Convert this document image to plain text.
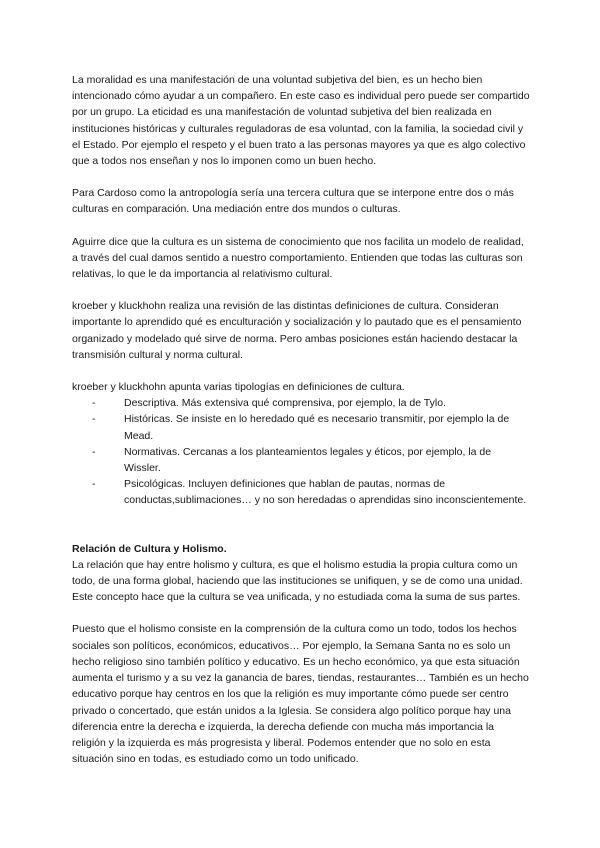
La moralidad es una manifestación de una voluntad subjetiva del bien, es un hecho bien intencionado cómo ayudar a un compañero. En este caso es individual pero puede ser compartido por un grupo. La eticidad es una manifestación de voluntad subjetiva del bien realizada en instituciones históricas y culturales reguladoras de esa voluntad, con la familia, la sociedad civil y el Estado. Por ejemplo el respeto y el buen trato a las personas mayores ya que es algo colectivo que a todos nos enseñan y nos lo imponen como un buen hecho.

Para Cardoso como la antropología sería una tercera cultura que se interpone entre dos o más culturas en comparación. Una mediación entre dos mundos o culturas.

Aguirre dice que la cultura es un sistema de conocimiento que nos facilita un modelo de realidad, a través del cual damos sentido a nuestro comportamiento. Entienden que todas las culturas son relativas, lo que le da importancia al relativismo cultural.

kroeber y kluckhohn realiza una revisión de las distintas definiciones de cultura. Consideran importante lo aprendido qué es enculturación y socialización y lo pautado que es el pensamiento organizado y modelado qué sirve de norma. Pero ambas posiciones están haciendo destacar la transmisión cultural y norma cultural.

kroeber y kluckhohn apunta varias tipologías en definiciones de cultura.

-	Descriptiva. Más extensiva qué comprensiva, por ejemplo, la de Tylo.
-	Históricas. Se insiste en lo heredado qué es necesario transmitir, por ejemplo la de Mead.
-	Normativas. Cercanas a los planteamientos legales y éticos, por ejemplo, la de Wissler.
-	Psicológicas. Incluyen definiciones que hablan de pautas, normas de conductas,sublimaciones… y no son heredadas o aprendidas sino inconscientemente.
Relación de Cultura y Holismo.

La relación que hay entre holismo y cultura, es que el holismo estudia la propia cultura como un todo, de una forma global, haciendo que las instituciones se unifiquen, y se de como una unidad. Este concepto hace que la cultura se vea unificada, y no estudiada coma la suma de sus partes.

Puesto que el holismo consiste en la comprensión de la cultura como un todo, todos los hechos sociales son políticos, económicos, educativos… Por ejemplo, la Semana Santa no es solo un hecho religioso sino también político y educativo. Es un hecho económico, ya que esta situación aumenta el turismo y a su vez la ganancia de bares, tiendas, restaurantes… También es un hecho educativo porque hay centros en los que la religión es muy importante cómo puede ser centro privado o concertado, que están unidos a la Iglesia. Se considera algo político porque hay una diferencia entre la derecha e izquierda, la derecha defiende con mucha más importancia la religión y la izquierda es más progresista y liberal. Podemos entender que no solo en esta situación sino en todas, es estudiado como un todo unificado.
